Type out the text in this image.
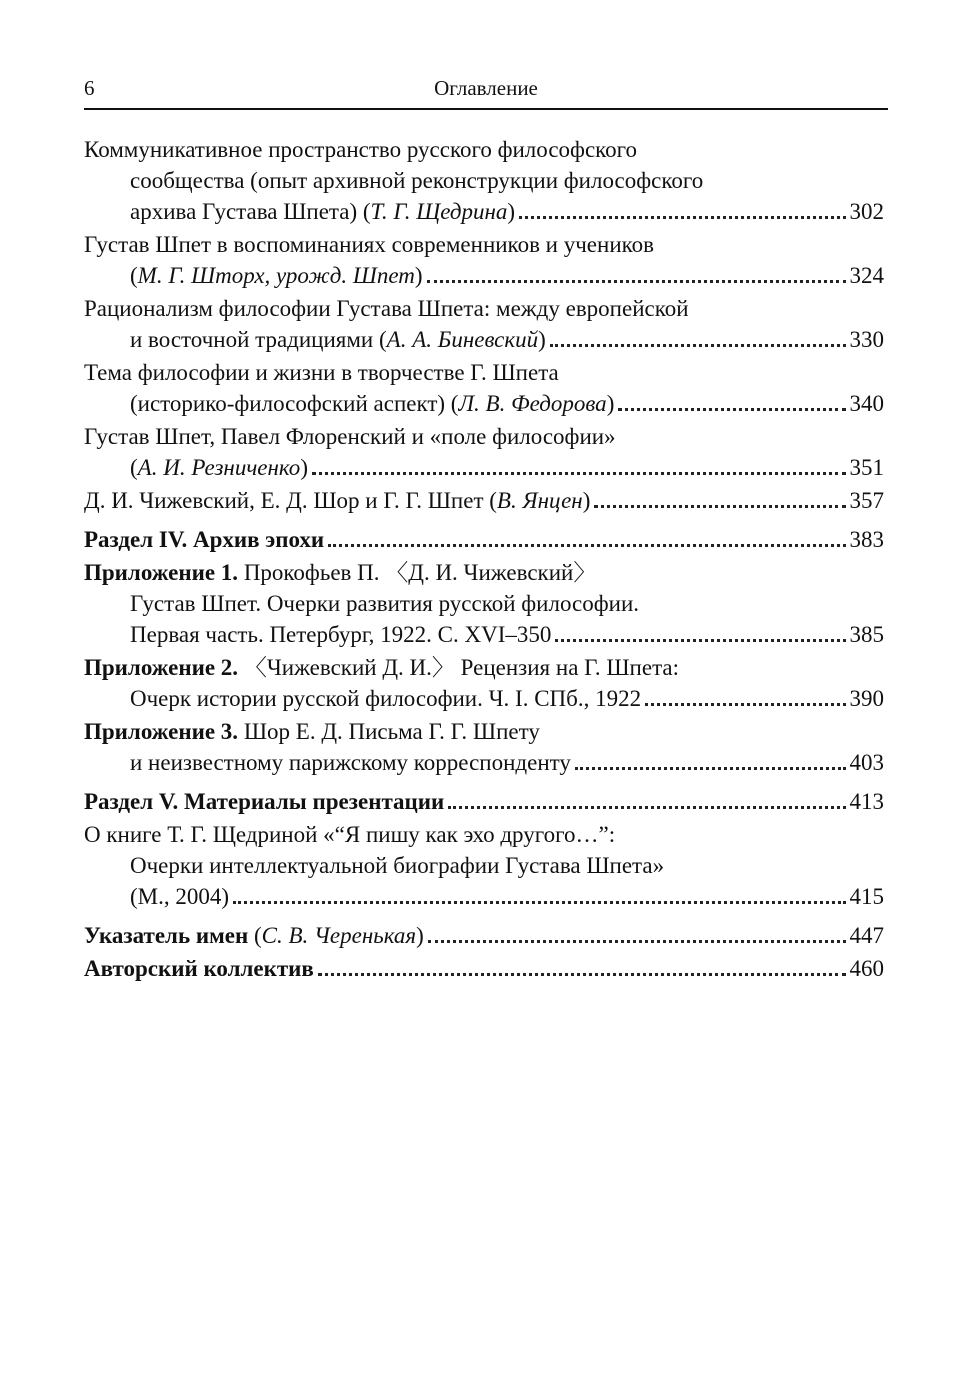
6	Оглавление
Коммуникативное пространство русского философского
сообщества (опыт архивной реконструкции философского
архива Густава Шпета) (Т. Г. Щедрина)	302
Густав Шпет в воспоминаниях современников и учеников
(М. Г. Шторх, урожд. Шпет)	324
Рационализм философии Густава Шпета: между европейской
и восточной традициями (А. А. Биневский)	330
Тема философии и жизни в творчестве Г. Шпета
(историко-философский аспект) (Л. В. Федорова)	340
Густав Шпет, Павел Флоренский и «поле философии»
(А. И. Резниченко)	351
Д. И. Чижевский, Е. Д. Шор и Г. Г. Шпет (В. Янцен)	357
Раздел IV. Архив эпохи	383
Приложение 1. Прокофьев П. 〈Д. И. Чижевский〉
Густав Шпет. Очерки развития русской философии.
Первая часть. Петербург, 1922. С. XVI–350	385
Приложение 2. 〈Чижевский Д. И.〉 Рецензия на Г. Шпета:
Очерк истории русской философии. Ч. I. СПб., 1922	390
Приложение 3. Шор Е. Д. Письма Г. Г. Шпету
и неизвестному парижскому корреспонденту	403
Раздел V. Материалы презентации	413
О книге Т. Г. Щедриной «“Я пишу как эхо другого…”:
Очерки интеллектуальной биографии Густава Шпета»
(М., 2004)	415
Указатель имен (С. В. Черенькая)	447
Авторский коллектив	460
